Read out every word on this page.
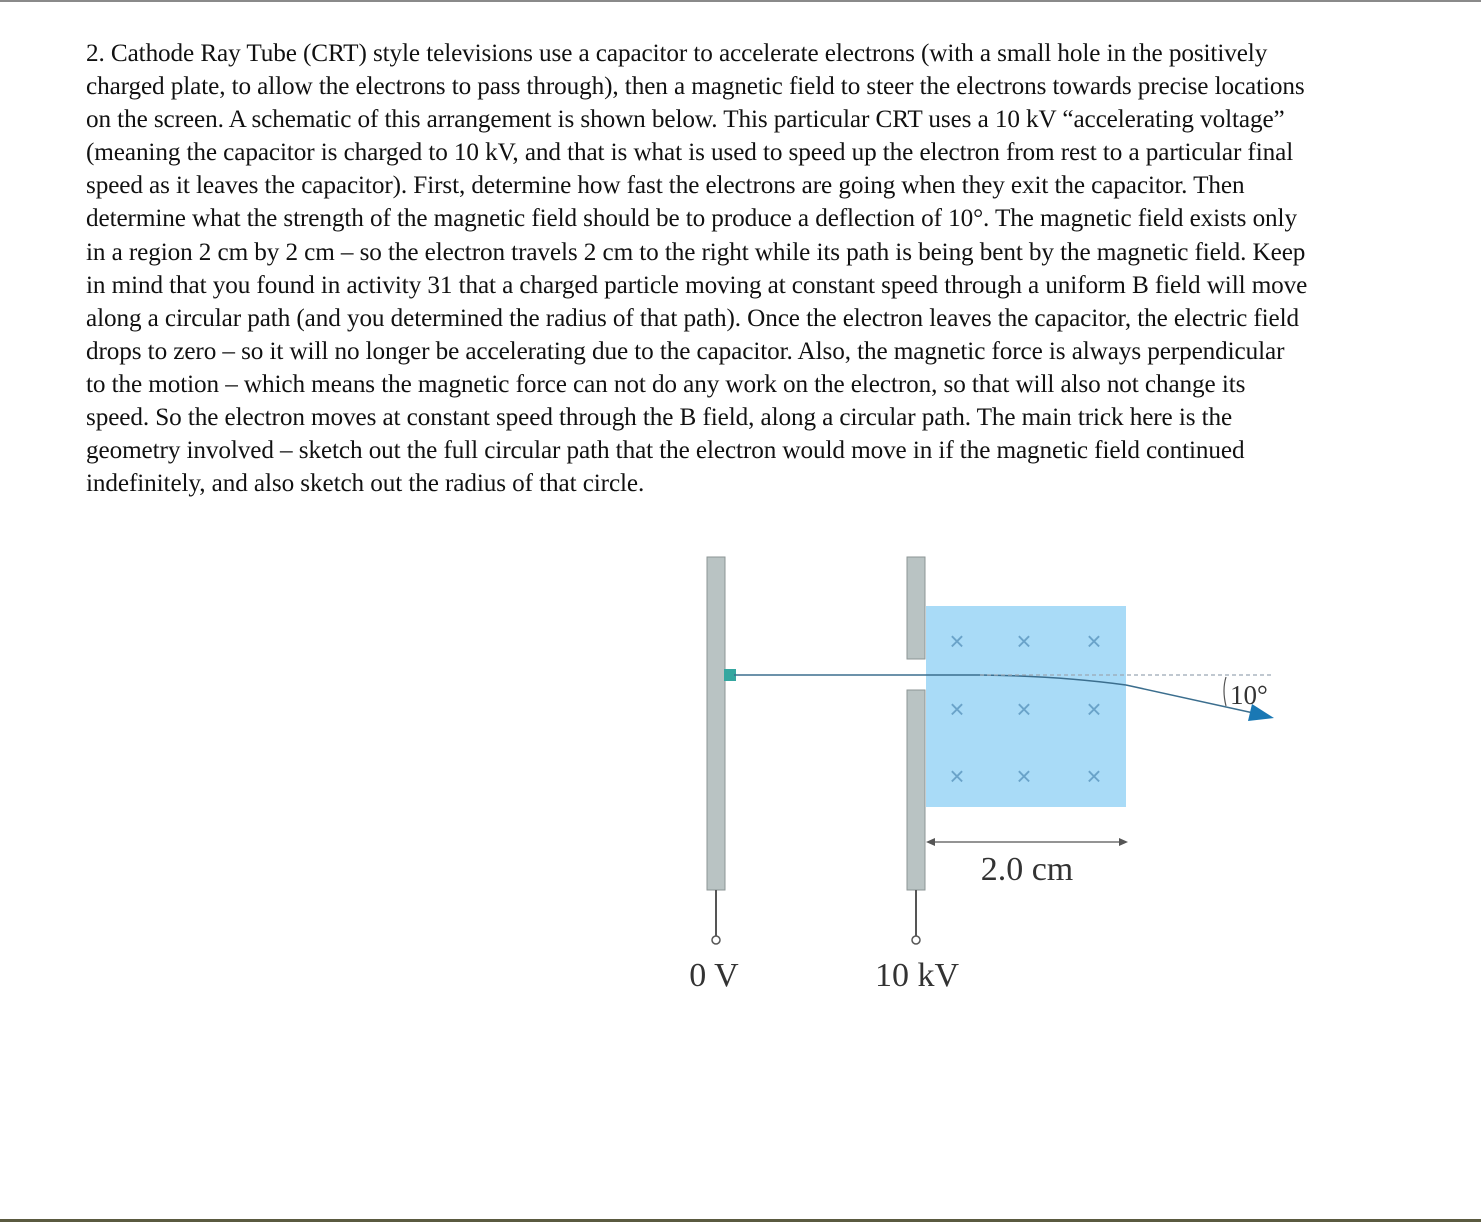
2. Cathode Ray Tube (CRT) style televisions use a capacitor to accelerate electrons (with a small hole in the positively
charged plate, to allow the electrons to pass through), then a magnetic field to steer the electrons towards precise locations
on the screen. A schematic of this arrangement is shown below. This particular CRT uses a 10 kV “accelerating voltage”
(meaning the capacitor is charged to 10 kV, and that is what is used to speed up the electron from rest to a particular final
speed as it leaves the capacitor). First, determine how fast the electrons are going when they exit the capacitor. Then
determine what the strength of the magnetic field should be to produce a deflection of 10°. The magnetic field exists only
in a region 2 cm by 2 cm – so the electron travels 2 cm to the right while its path is being bent by the magnetic field. Keep
in mind that you found in activity 31 that a charged particle moving at constant speed through a uniform B field will move
along a circular path (and you determined the radius of that path). Once the electron leaves the capacitor, the electric field
drops to zero – so it will no longer be accelerating due to the capacitor. Also, the magnetic force is always perpendicular
to the motion – which means the magnetic force can not do any work on the electron, so that will also not change its
speed. So the electron moves at constant speed through the B field, along a circular path. The main trick here is the
geometry involved – sketch out the full circular path that the electron would move in if the magnetic field continued
indefinitely, and also sketch out the radius of that circle.
× × ×
× × ×
× × ×
10°
2.0 cm
0 V	10 kV
